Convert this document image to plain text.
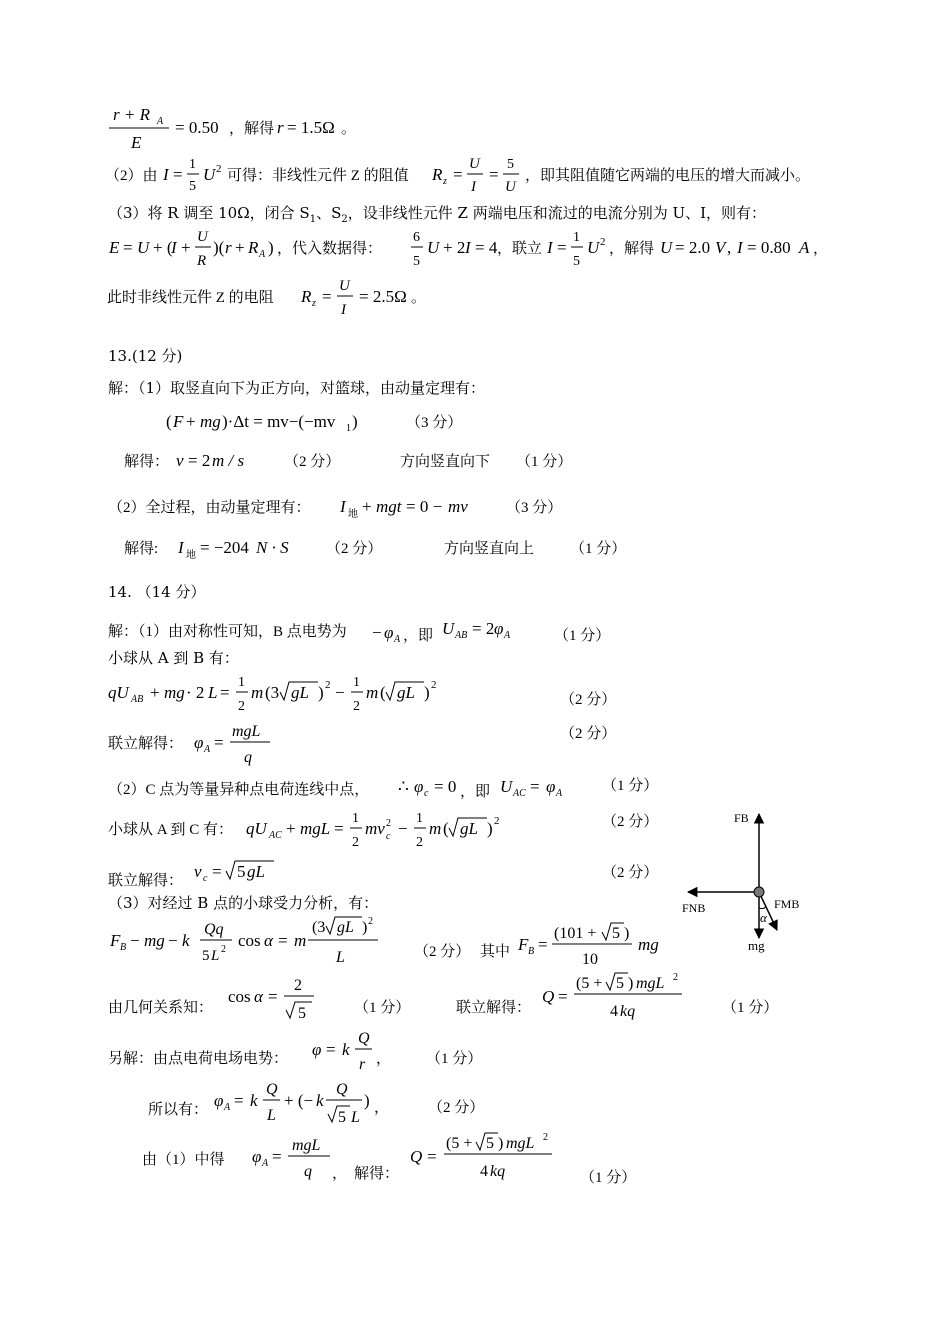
r + R A
E
= 0.50 ，解得 r = 1.5Ω 。
（2）由 I =
1
5
U 2 可得：非线性元件 Z 的阻值 R z =
U
I
=
5
U
，即其阻值随它两端的电压的增大而减小。
（3）将 R 调至 10Ω，闭合 $S_1$、$S_2$，设非线性元件 Z 两端电压和流过的电流分别为 U、I，则有：
E = U + (
I +
U
R
)( r + R A ) ，代入数据得：
6
5
U + 2 I = 4 ，联立 I =
1
5
U 2 ，解得 U = 2.0 V , I = 0.80 A ，
此时非线性元件 Z 的电阻 R z =
U
I
= 2.5Ω 。
13.(12 分)
解：（1）取竖直向下为正方向，对篮球，由动量定理有：
( F + mg )·Δt = mv−(−mv 1 )	（3 分）
解得： v = 2 m / s	（2 分）	方向竖直向下 （1 分）
（2）全过程，由动量定理有： I 地 + mgt = 0 − mv	（3 分）
解得: I 地 = −204 N · S （2 分）	方向竖直向上 （1 分）
14. （14 分）
解：（1）由对称性可知，B 点电势为 − φ A ，即 U AB = 2 φ A	（1 分）
小球从 A 到 B 有：
qU AB + mg · 2 L =
1
2
m (3 gL ) 2 −
1
2
m ( gL ) 2
（2 分）
联立解得： φ A =
mgL
q
（2 分）
（2）C 点为等量异种点电荷连线中点， ∴ φ c = 0 ，即 U AC = φ A	（1 分）
小球从 A 到 C 有： qU AC + mgL =
1
2
mv c
2 −
1
2
m ( gL ) 2	（2 分）
联立解得： v c = 5 gL	（2 分）
（3）对经过 B 点的小球受力分析，有：
F B − mg − k
Qq
5 L 2 cos α = m
(3 gL ) 2
L	（2 分） 其中 F B =
(101 + 5 )
10
mg
由几何关系知：
cos α =
2
5	（1 分）	联立解得：
Q =
(5 + 5 ) mgL 2
4 kq	（1 分）
另解：由点电荷电场电势： φ = k
Q
r ， （1 分）
所以有： φ A = k
Q
L
+ (− k
Q
5 L
) ，	（2 分）
由（1）中得 φ A =
mgL
q ， 解得：
Q =
(5 + 5 ) mgL 2
4 kq	（1 分）
FB
FNB	FMB
mg
α
